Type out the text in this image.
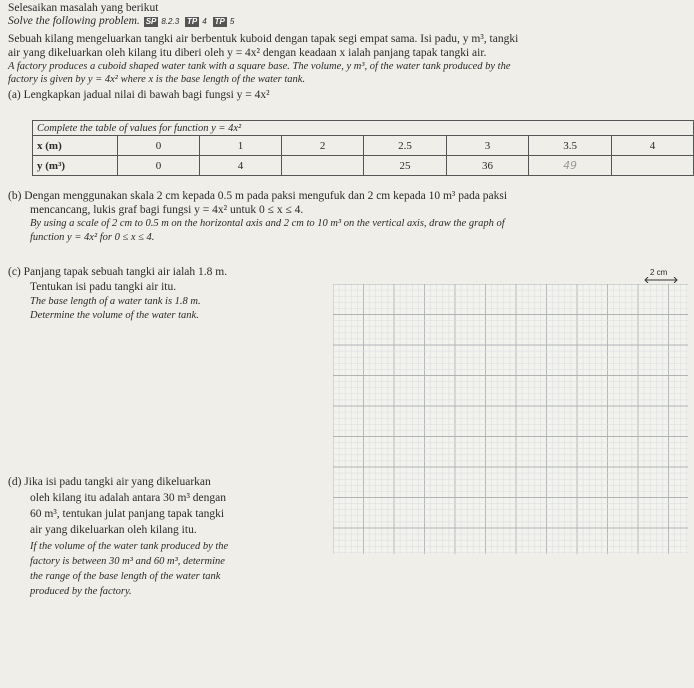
Selesaikan masalah yang berikut
Solve the following problem. SP 8.2.3 TP 4 TP 5
Sebuah kilang mengeluarkan tangki air berbentuk kuboid dengan tapak segi empat sama. Isi padu, y m³, tangki
air yang dikeluarkan oleh kilang itu diberi oleh y = 4x² dengan keadaan x ialah panjang tapak tangki air.
A factory produces a cuboid shaped water tank with a square base. The volume, y m³, of the water tank produced by the
factory is given by y = 4x² where x is the base length of the water tank.
(a) Lengkapkan jadual nilai di bawah bagi fungsi y = 4x²
Complete the table of values for function y = 4x²							
x (m)	0	1	2	2.5	3	3.5	4
y (m³)	0	4		25	36	49	
(b) Dengan menggunakan skala 2 cm kepada 0.5 m pada paksi mengufuk dan 2 cm kepada 10 m³ pada paksi
mencancang, lukis graf bagi fungsi y = 4x² untuk 0 ≤ x ≤ 4.
By using a scale of 2 cm to 0.5 m on the horizontal axis and 2 cm to 10 m³ on the vertical axis, draw the graph of
function y = 4x² for 0 ≤ x ≤ 4.
(c) Panjang tapak sebuah tangki air ialah 1.8 m.
Tentukan isi padu tangki air itu.
The base length of a water tank is 1.8 m.
Determine the volume of the water tank.
(d) Jika isi padu tangki air yang dikeluarkan
oleh kilang itu adalah antara 30 m³ dengan
60 m³, tentukan julat panjang tapak tangki
air yang dikeluarkan oleh kilang itu.
If the volume of the water tank produced by the
factory is between 30 m³ and 60 m³, determine
the range of the base length of the water tank
produced by the factory.
2 cm
